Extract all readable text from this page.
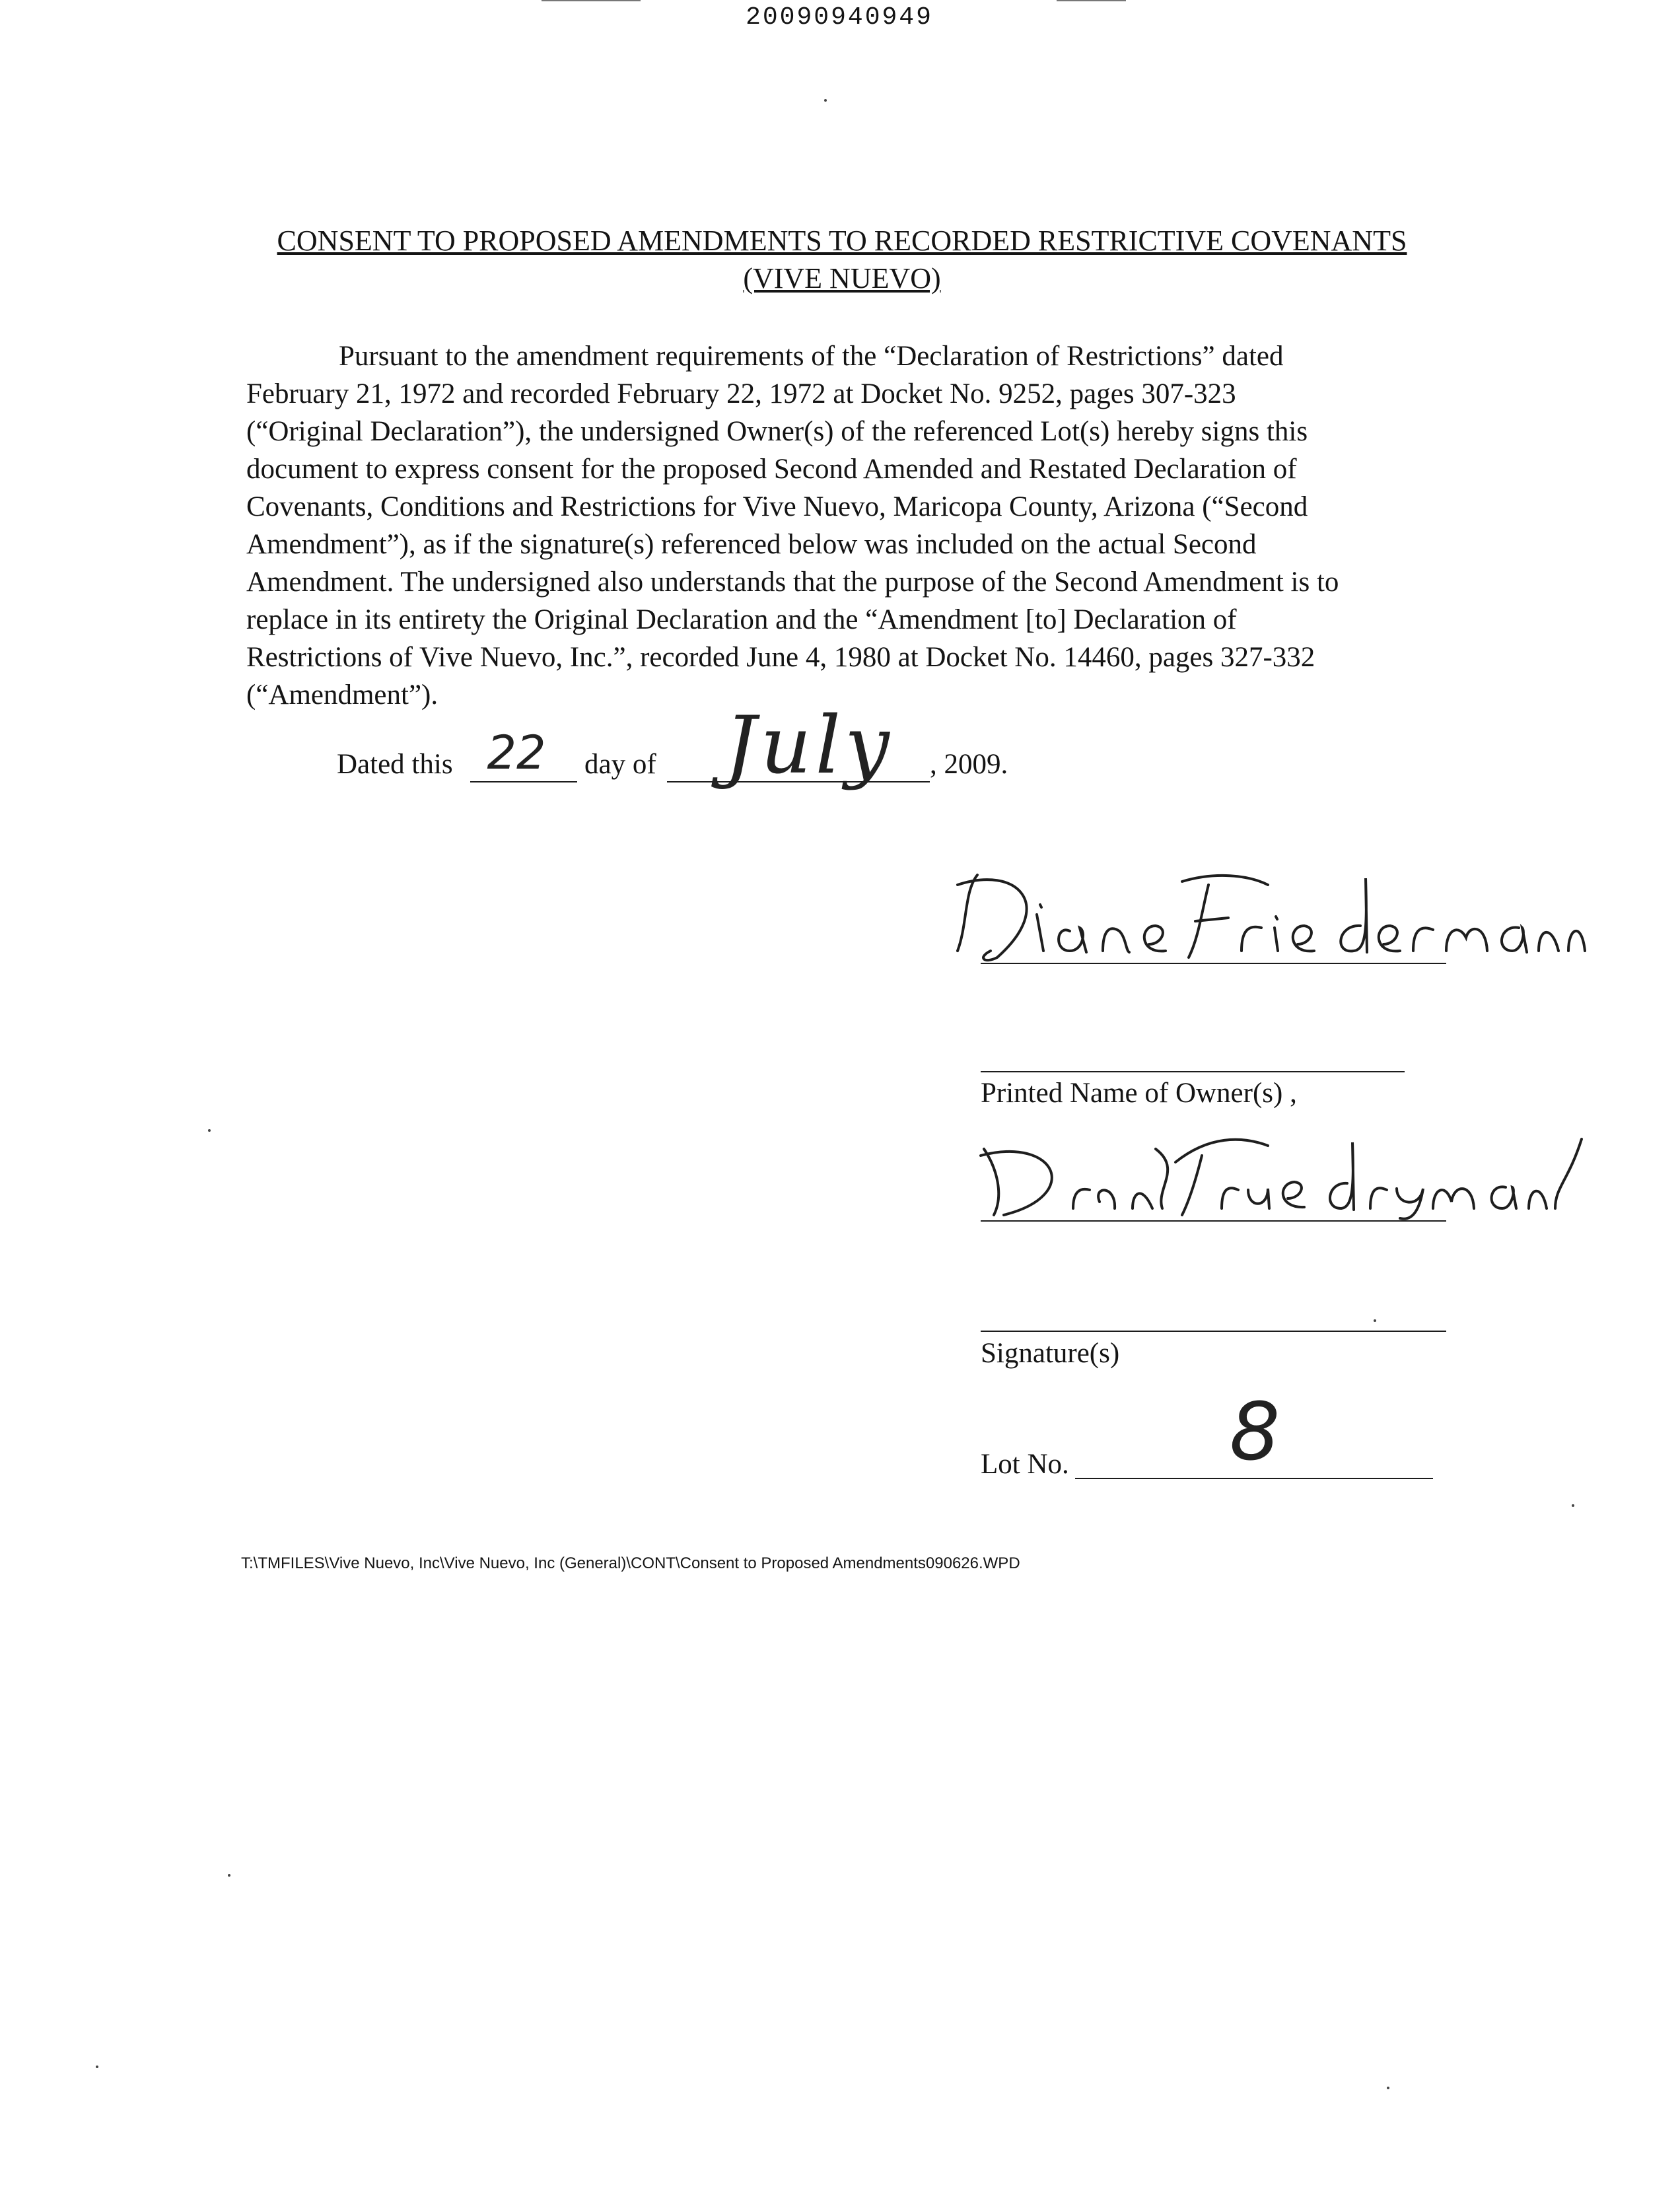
20090940949
CONSENT TO PROPOSED AMENDMENTS TO RECORDED RESTRICTIVE COVENANTS
(VIVE NUEVO)
Pursuant to the amendment requirements of the “Declaration of Restrictions” dated
February 21, 1972 and recorded February 22, 1972 at Docket No. 9252, pages 307-323
(“Original Declaration”), the undersigned Owner(s) of the referenced Lot(s) hereby signs this
document to express consent for the proposed Second Amended and Restated Declaration of
Covenants, Conditions and Restrictions for Vive Nuevo, Maricopa County, Arizona (“Second
Amendment”), as if the signature(s) referenced below was included on the actual Second
Amendment. The undersigned also understands that the purpose of the Second Amendment is to
replace in its entirety the Original Declaration and the “Amendment [to] Declaration of
Restrictions of Vive Nuevo, Inc.”, recorded June 4, 1980 at Docket No. 14460, pages 327-332
(“Amendment”).
Dated this 22	day of July	, 2009.
Printed Name of Owner(s) ,
Signature(s)
Lot No.	8
T:\TMFILES\Vive Nuevo, Inc\Vive Nuevo, Inc (General)\CONT\Consent to Proposed Amendments090626.WPD
